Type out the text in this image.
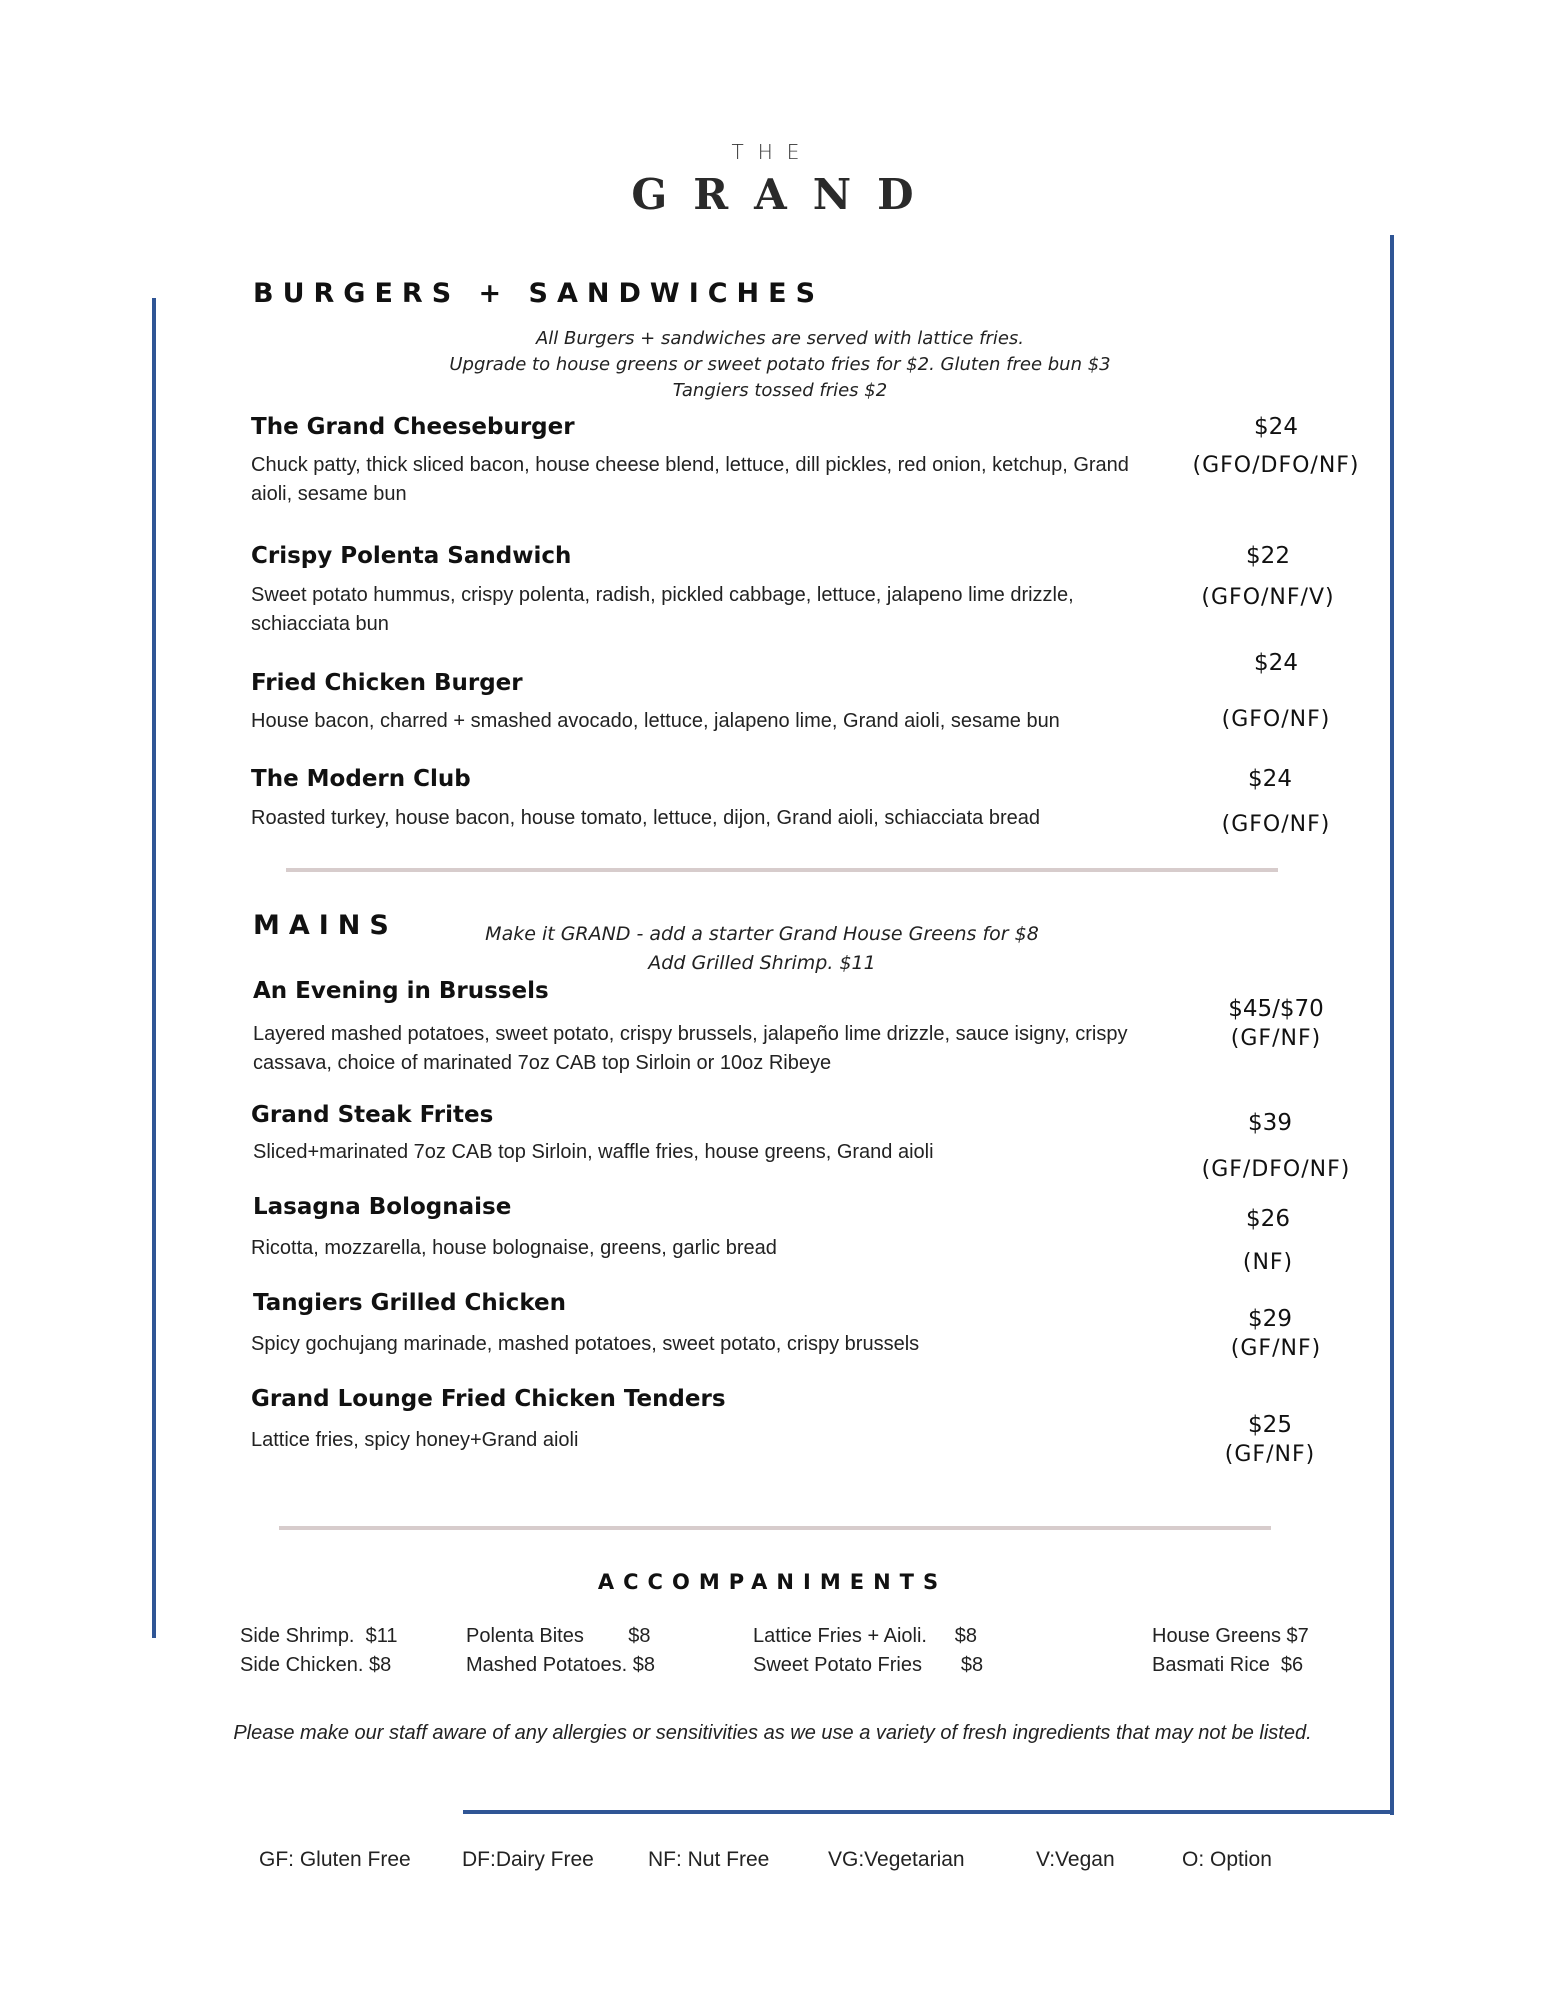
THE
GRAND
BURGERS + SANDWICHES
All Burgers + sandwiches are served with lattice fries.
Upgrade to house greens or sweet potato fries for $2. Gluten free bun $3
Tangiers tossed fries $2
The Grand Cheeseburger
Chuck patty, thick sliced bacon, house cheese blend, lettuce, dill pickles, red onion, ketchup, Grand aioli, sesame bun
$24
(GFO/DFO/NF)
Crispy Polenta Sandwich
Sweet potato hummus, crispy polenta, radish, pickled cabbage, lettuce, jalapeno lime drizzle, schiacciata bun
$22
(GFO/NF/V)
Fried Chicken Burger
House bacon, charred + smashed avocado, lettuce, jalapeno lime, Grand aioli, sesame bun
$24
(GFO/NF)
The Modern Club
Roasted turkey, house bacon, house tomato, lettuce, dijon, Grand aioli, schiacciata bread
$24
(GFO/NF)
MAINS	Make it GRAND - add a starter Grand House Greens for $8
Add Grilled Shrimp. $11
An Evening in Brussels
Layered mashed potatoes, sweet potato, crispy brussels, jalapeño lime drizzle, sauce isigny, crispy cassava, choice of marinated 7oz CAB top Sirloin or 10oz Ribeye
$45/$70
(GF/NF)
Grand Steak Frites
Sliced+marinated 7oz CAB top Sirloin, waffle fries, house greens, Grand aioli
$39
(GF/DFO/NF)
Lasagna Bolognaise
Ricotta, mozzarella, house bolognaise, greens, garlic bread
$26
(NF)
Tangiers Grilled Chicken
Spicy gochujang marinade, mashed potatoes, sweet potato, crispy brussels
$29
(GF/NF)
Grand Lounge Fried Chicken Tenders
Lattice fries, spicy honey+Grand aioli
$25
(GF/NF)
ACCOMPANIMENTS
Side Shrimp.  $11
Side Chicken. $8
Polenta Bites        $8
Mashed Potatoes. $8
Lattice Fries + Aioli.     $8
Sweet Potato Fries       $8
House Greens $7
Basmati Rice  $6
Please make our staff aware of any allergies or sensitivities as we use a variety of fresh ingredients that may not be listed.
GF: Gluten Free DF:Dairy Free	NF: Nut Free	VG:Vegetarian	V:Vegan	O: Option
